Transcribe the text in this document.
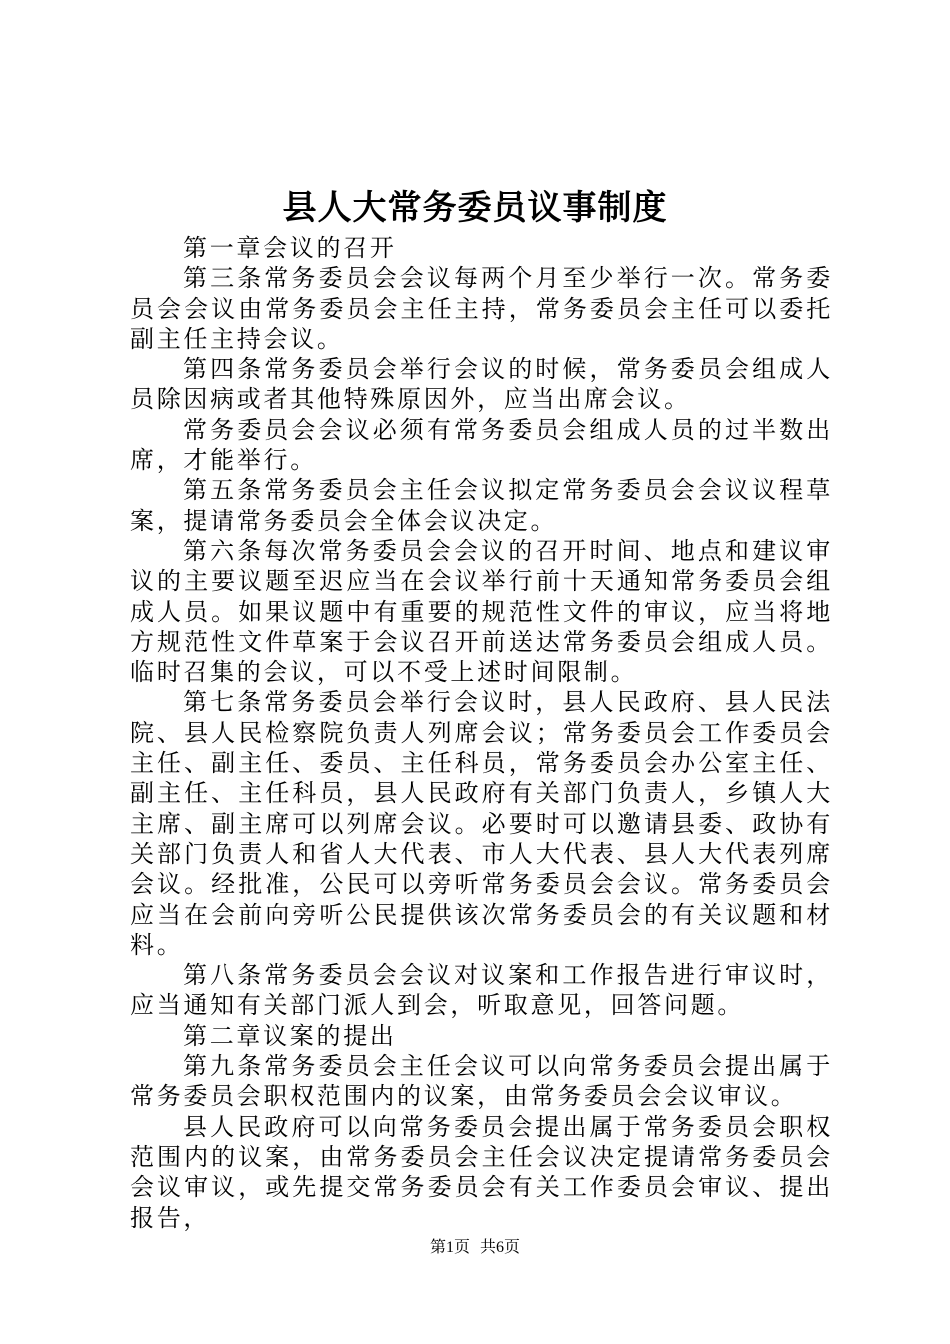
县人大常务委员议事制度

第一章会议的召开

第三条常务委员会会议每两个月至少举行一次。常务委员会会议由常务委员会主任主持，常务委员会主任可以委托副主任主持会议。

第四条常务委员会举行会议的时候，常务委员会组成人员除因病或者其他特殊原因外，应当出席会议。

常务委员会会议必须有常务委员会组成人员的过半数出席，才能举行。

第五条常务委员会主任会议拟定常务委员会会议议程草案，提请常务委员会全体会议决定。

第六条每次常务委员会会议的召开时间、地点和建议审议的主要议题至迟应当在会议举行前十天通知常务委员会组成人员。如果议题中有重要的规范性文件的审议，应当将地方规范性文件草案于会议召开前送达常务委员会组成人员。临时召集的会议，可以不受上述时间限制。

第七条常务委员会举行会议时，县人民政府、县人民法院、县人民检察院负责人列席会议；常务委员会工作委员会主任、副主任、委员、主任科员，常务委员会办公室主任、副主任、主任科员，县人民政府有关部门负责人，乡镇人大主席、副主席可以列席会议。必要时可以邀请县委、政协有关部门负责人和省人大代表、市人大代表、县人大代表列席会议。经批准，公民可以旁听常务委员会会议。常务委员会应当在会前向旁听公民提供该次常务委员会的有关议题和材料。

第八条常务委员会会议对议案和工作报告进行审议时，应当通知有关部门派人到会，听取意见，回答问题。

第二章议案的提出

第九条常务委员会主任会议可以向常务委员会提出属于常务委员会职权范围内的议案，由常务委员会会议审议。

县人民政府可以向常务委员会提出属于常务委员会职权范围内的议案，由常务委员会主任会议决定提请常务委员会会议审议，或先提交常务委员会有关工作委员会审议、提出报告，

第1页 共6页
